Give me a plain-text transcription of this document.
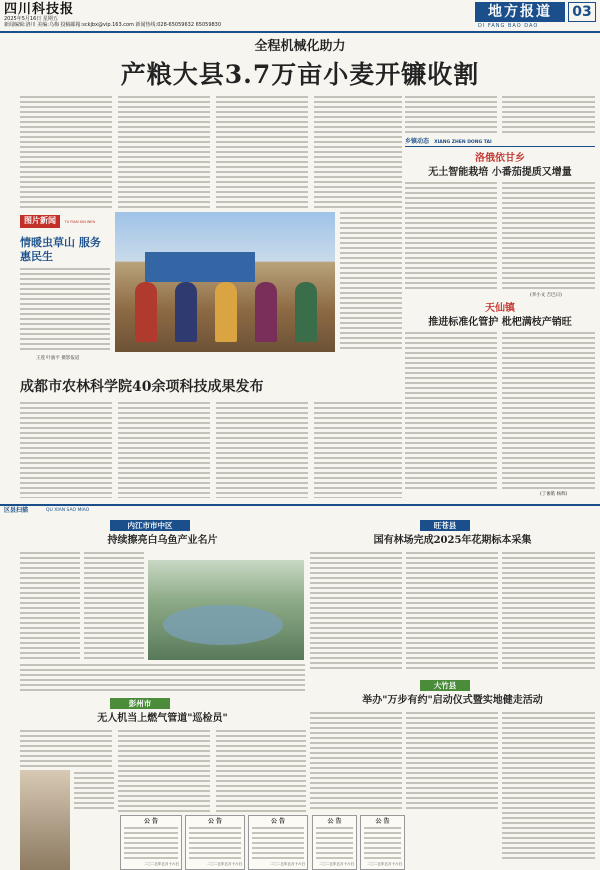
四川科技报
2025年5月16日 星期五
新闻编辑:洛川 美编:乌梅 投稿邮箱:sckjbx@vip.163.com 新闻热线:028-65059632 65059830
地方报道
DI FANG BAO DAO
03
全程机械化助力
产粮大县3.7万亩小麦开镰收割
图片新闻 TU PIAN XIN WEN
情暖虫草山 服务惠民生
王莲 叶骏平 摄影报道
乡镇动态 XIANG ZHEN DONG TAI
洛俄依甘乡
无土智能栽培 小番茄提质又增量
(李小文 吉巴日)
天仙镇
推进标准化管护 枇杷满枝产销旺
(丁俊皓 杨辉)
成都市农林科学院40余项科技成果发布
区县扫描	QU XIAN SAO MIAO
内江市市中区
持续擦亮白乌鱼产业名片
彭州市
无人机当上燃气管道"巡检员"
旺苍县
国有林场完成2025年花期标本采集
大竹县
举办"万步有约"启动仪式暨实地健走活动
公 告
二〇二五年五月十六日
公 告
二〇二五年五月十六日
公 告
二〇二五年五月十六日
公 告
二〇二五年五月十六日
公 告
二〇二五年五月十六日
